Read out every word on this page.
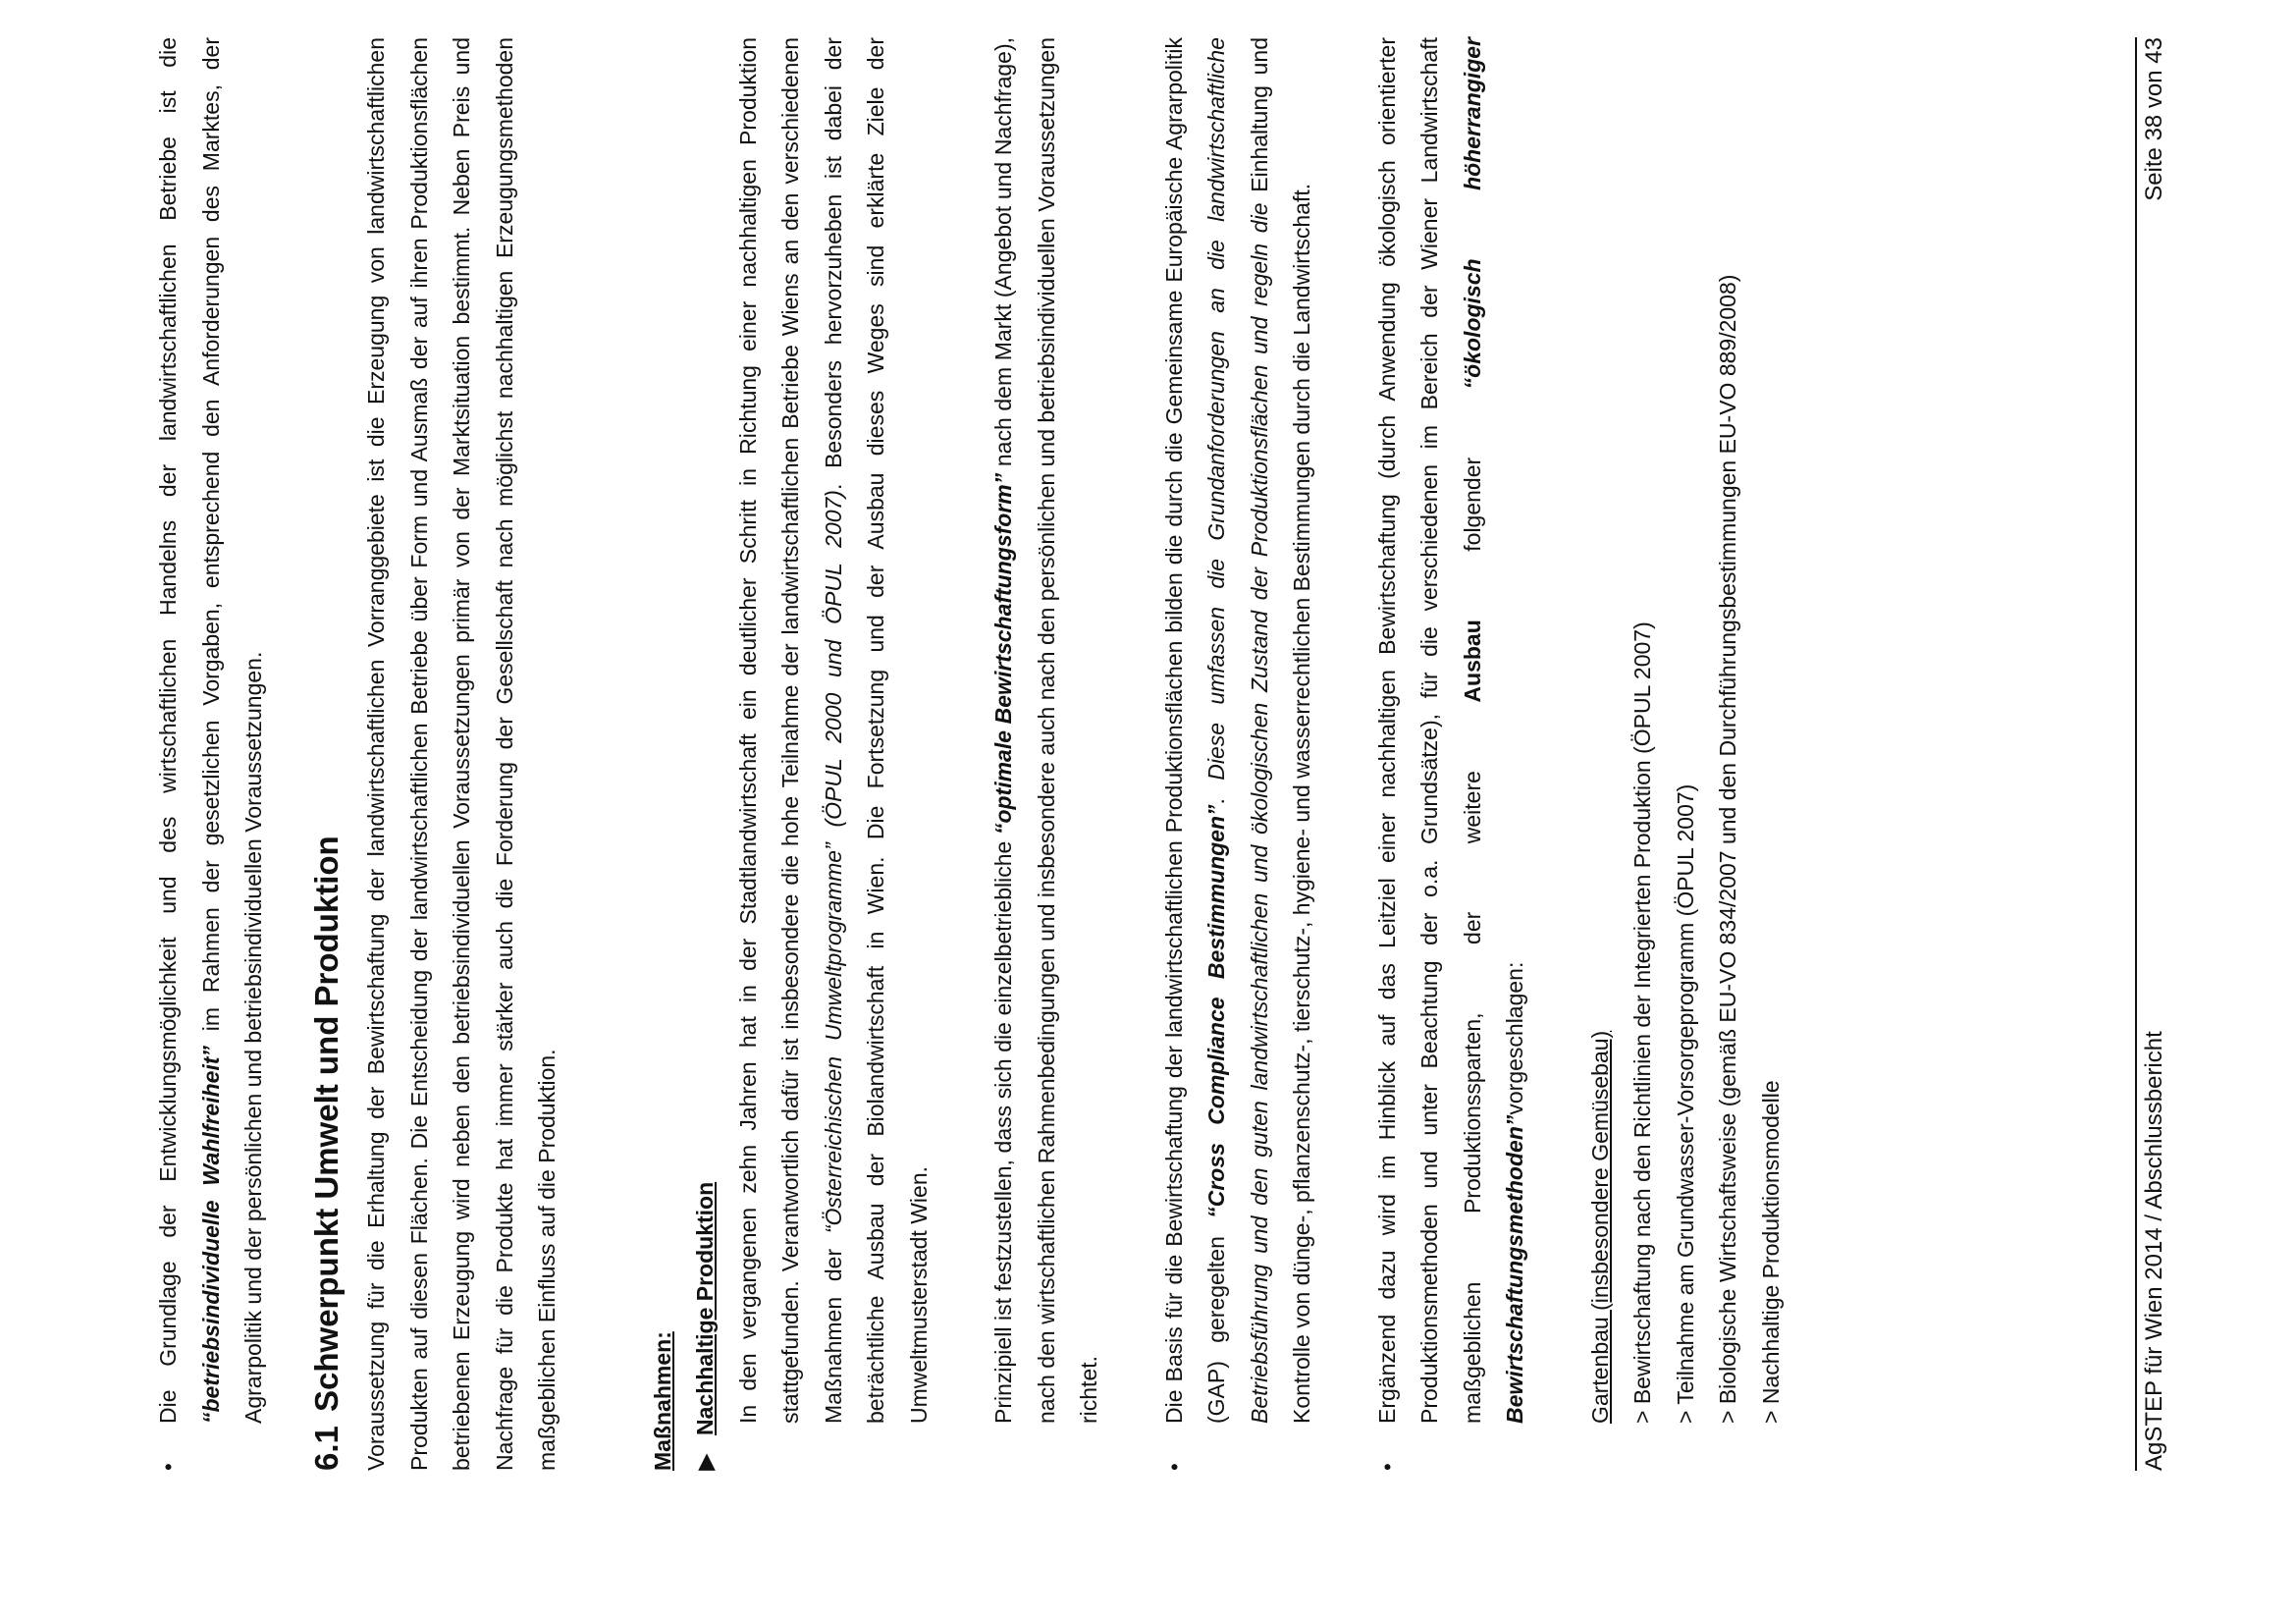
•

Die Grundlage der Entwicklungsmöglichkeit und des wirtschaftlichen Handelns der landwirtschaftlichen Betriebe ist die “betriebsindividuelle Wahlfreiheit” im Rahmen der gesetzlichen Vorgaben, entsprechend den Anforderungen des Marktes, der Agrarpolitik und der persönlichen und betriebsindividuellen Voraussetzungen.

6.1Schwerpunkt Umwelt und Produktion Voraussetzung für die Erhaltung der Bewirtschaftung der landwirtschaftlichen Vorranggebiete ist die Erzeugung von landwirtschaftlichen Produkten auf diesen Flächen. Die Entscheidung der landwirtschaftlichen Betriebe über Form und Ausmaß der auf ihren Produktionsflächen betriebenen Erzeugung wird neben den betriebsindividuellen Voraussetzungen primär von der Marktsituation bestimmt. Neben Preis und Nachfrage für die Produkte hat immer stärker auch die Forderung der Gesellschaft nach möglichst nachhaltigen Erzeugungsmethoden maßgeblichen Einfluss auf die Produktion.	Maßnahmen: ▶
Nachhaltige Produktion In den vergangenen zehn Jahren hat in der Stadtlandwirtschaft ein deutlicher Schritt in Richtung einer nachhaltigen Produktion stattgefunden. Verantwortlich dafür ist insbesondere die hohe Teilnahme der landwirtschaftlichen Betriebe Wiens an den verschiedenen Maßnahmen der “Österreichischen Umweltprogramme” (ÖPUL 2000 und ÖPUL 2007). Besonders hervorzuheben ist dabei der beträchtliche Ausbau der Biolandwirtschaft in Wien. Die Fortsetzung und der Ausbau dieses Weges sind erklärte Ziele der Umweltmusterstadt Wien.	Prinzipiell ist festzustellen, dass sich die einzelbetriebliche “optimale Bewirtschaftungsform” nach dem Markt (Angebot und Nachfrage), nach den wirtschaftlichen Rahmenbedingungen und insbesondere auch nach den persönlichen und betriebsindividuellen Voraussetzungen richtet.

•

Die Basis für die Bewirtschaftung der landwirtschaftlichen Produktionsflächen bilden die durch die Gemeinsame Europäische Agrarpolitik (GAP) geregelten “Cross Compliance Bestimmungen”. Diese umfassen die Grundanforderungen an die landwirtschaftliche Betriebsführung und den guten landwirtschaftlichen und ökologischen Zustand der Produktionsflächen und regeln die Einhaltung und Kontrolle von dünge-, pflanzenschutz-, tierschutz-, hygiene- und wasserrechtlichen Bestimmungen durch die Landwirtschaft.

•

Ergänzend dazu wird im Hinblick auf das Leitziel einer nachhaltigen Bewirtschaftung (durch Anwendung ökologisch orientierter Produktionsmethoden und unter Beachtung der o.a. Grundsätze), für die verschiedenen im Bereich der Wiener Landwirtschaft maßgeblichen Produktionssparten, der weitere Ausbau folgender “ökologisch höherrangiger Bewirtschaftungsmethoden”vorgeschlagen:	Gartenbau (insbesondere Gemüsebau) > Bewirtschaftung nach den Richtlinien der Integrierten Produktion (ÖPUL 2007) > Teilnahme am Grundwasser-Vorsorgeprogramm (ÖPUL 2007) > Biologische Wirtschaftsweise (gemäß EU-VO 834/2007 und den Durchführungsbestimmungen EU-VO 889/2008) > Nachhaltige Produktionsmodelle	AgSTEP für Wien 2014 / Abschlussbericht
Seite 38 von 43
